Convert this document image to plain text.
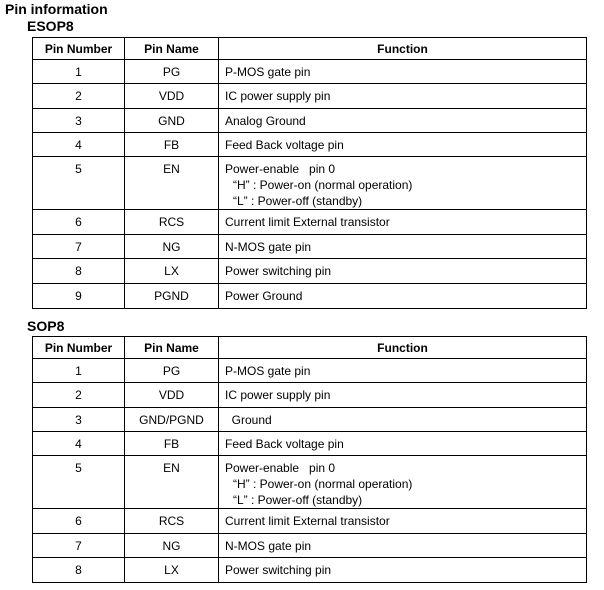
Pin information
ESOP8
Pin Number	Pin Name	Function
1	PG	P-MOS gate pin

2	VDD	IC power supply pin

3	GND	Analog Ground

4	FB	Feed Back voltage pin

5	EN	Power-enable   pin 0
“H” : Power-on (normal operation)
“L” : Power-off (standby)

6	RCS	Current limit External transistor

7	NG	N-MOS gate pin

8	LX	Power switching pin

9	PGND	Power Ground
SOP8
Pin Number	Pin Name	Function
1	PG	P-MOS gate pin

2	VDD	IC power supply pin

3	GND/PGND	Ground

4	FB	Feed Back voltage pin

5	EN	Power-enable   pin 0
“H” : Power-on (normal operation)
“L” : Power-off (standby)

6	RCS	Current limit External transistor

7	NG	N-MOS gate pin

8	LX	Power switching pin
